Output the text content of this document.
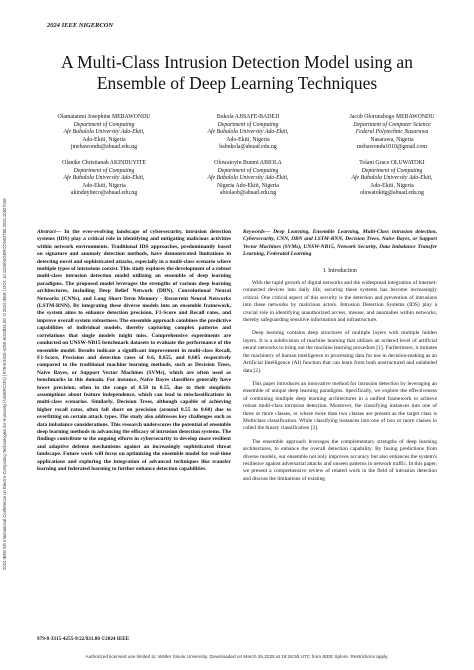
2024 IEEE NIGERCON
2024 IEEE 5th International Conference on Electro-Computing Technologies for Humanity (NIGERCON) | 979-8-3315-4255-9/24/$31.00 ©2024 IEEE | DOI: 10.1109/NIGERCON62786.2024.10927048
A Multi-Class Intrusion Detection Model using an Ensemble of Deep Learning Techniques
Olamatanmi Josephine MEBAWONDU
Department of Computing
Afe Babalola University Ado-Ekiti,
Ado-Ekiti, Nigeria
jmebawondu@abuad.edu.ng
Bukola AJISAFE-BADEJI
Department of Computing
Afe Babalola University Ado-Ekiti,
Ado-Ekiti, Nigeria
babukola@abuad.edu.ng
Jacob Olorunshogo MEBAWONDU
Department of Computer Science
Federal Polytechnic Nasarawa
Nasarawa, Nigeria
mebawondu1010@gmail.com
Olanike Christianah AKINDUYITE
Department of Computing
Afe Babalola University Ado-Ekiti,
Ado-Ekiti, Nigeria
akinduyiteco@abuad.edu.ng
Oluwatoyin Bunmi ABIOLA
Department of Computing
Afe Babalola University Ado-Ekiti,
Nigeria Ado-Ekiti, Nigeria
abiolaob@abuad.edu.ng
Tolani Grace OLUWATOKI
Department of Computing
Afe Babalola University Ado-Ekiti,
Ado-Ekiti, Nigeria
oluwatokitg@abuad.edu.ng

Abstract— In the ever-evolving landscape of cybersecurity, intrusion detection systems (IDS) play a critical role in identifying and mitigating malicious activities within network environments. Traditional IDS approaches, predominantly based on signature and anomaly detection methods, have demonstrated limitations in detecting novel and sophisticated attacks, especially in a multi-class scenario where multiple types of intrusions coexist. This study explores the development of a robust multi-class intrusion detection model utilizing an ensemble of deep learning paradigms. The proposed model leverages the strengths of various deep learning architectures, including Deep Belief Network (DBN), Convolutional Neural Networks (CNNs), and Long Short-Term Memory - Recurrent Neural Networks (LSTM-RNN). By integrating these diverse models into an ensemble framework, the system aims to enhance detection precision, F1-Score and Recall rates, and improve overall system robustness. The ensemble approach combines the predictive capabilities of individual models, thereby capturing complex patterns and correlations that single models might miss. Comprehensive experiments are conducted on UNSW-NB15 benchmark datasets to evaluate the performance of the ensemble model. Results indicate a significant improvement in multi-class Recall, F1-Score, Precision and detection rates of 0.6, 0.655, and 0.605 respectively compared to the traditional machine learning methods, such as Decision Trees, Naive Bayes, or Support Vector Machines (SVMs), which are often used as benchmarks in this domain. For instance, Naive Bayes classifiers generally have lower precision, often in the range of 0.50 to 0.55, due to their simplistic assumptions about feature independence, which can lead to misclassifications in multi-class scenarios. Similarly, Decision Trees, although capable of achieving higher recall rates, often fall short on precision (around 0.55 to 0.60) due to overfitting on certain attack types. The study also addresses key challenges such as data imbalance considerations. This research underscores the potential of ensemble deep learning methods in advancing the efficacy of intrusion detection systems. The findings contribute to the ongoing efforts in cybersecurity to develop more resilient and adaptive defense mechanisms against an increasingly sophisticated threat landscape. Future work will focus on optimizing the ensemble model for real-time applications and exploring the integration of advanced techniques like transfer learning and federated learning to further enhance detection capabilities.

Keywords— Deep Learning, Ensemble Learning, Multi-Class intrusion detection, Cybersecurity, CNN, DBN and LSTM-RNN, Decision Trees, Naive Bayes, or Support Vector Machines (SVMs), UNSW-NB15, Network Security, Data Imbalance Transfer Learning, Federated Learning

I. Introduction

With the rapid growth of digital networks and the widespread integration of internet-connected devices into daily life, securing these systems has become increasingly critical. One critical aspect of this security is the detection and prevention of intrusions into these networks by malicious actors. Intrusion Detection Systems (IDS) play a crucial role in identifying unauthorized access, misuse, and anomalies within networks, thereby safeguarding sensitive information and infrastructure.

Deep learning contains deep structures of multiple layers with multiple hidden layers. It is a subdivision of machine learning that utilizes an ordered level of artificial neural networks to bring out the machine learning procedure [1]. Furthermore, it imitates the machinery of human intelligence in processing data for use in decision-making as an Artificial Intelligence (AI) function that can learn from both unstructured and unlabeled data [2].

This paper introduces an innovative method for intrusion detection by leveraging an ensemble of unique deep learning paradigms. Specifically, we explore the effectiveness of combining multiple deep learning architectures in a unified framework to achieve robust multi-class intrusion detection. Moreover, the classifying instances into one of three or more classes, or where more than two classes are present as the target class is Multiclass classification. While classifying instances into one of two or more classes in called the binary classification [3].

The ensemble approach leverages the complementary strengths of deep learning architectures, to enhance the overall detection capability. By fusing predictions from diverse models, our ensemble not only improves accuracy but also enhances the system's resilience against adversarial attacks and unseen patterns in network traffic. In this paper, we present a comprehensive review of related work in the field of intrusion detection and discuss the limitations of existing

979-8-3315-4255-9/22/$31.00 ©2024 IEEE
Authorized licensed use limited to: Walter Sisulu University. Downloaded on March 26,2025 at 18:26:55 UTC from IEEE Xplore. Restrictions apply.
